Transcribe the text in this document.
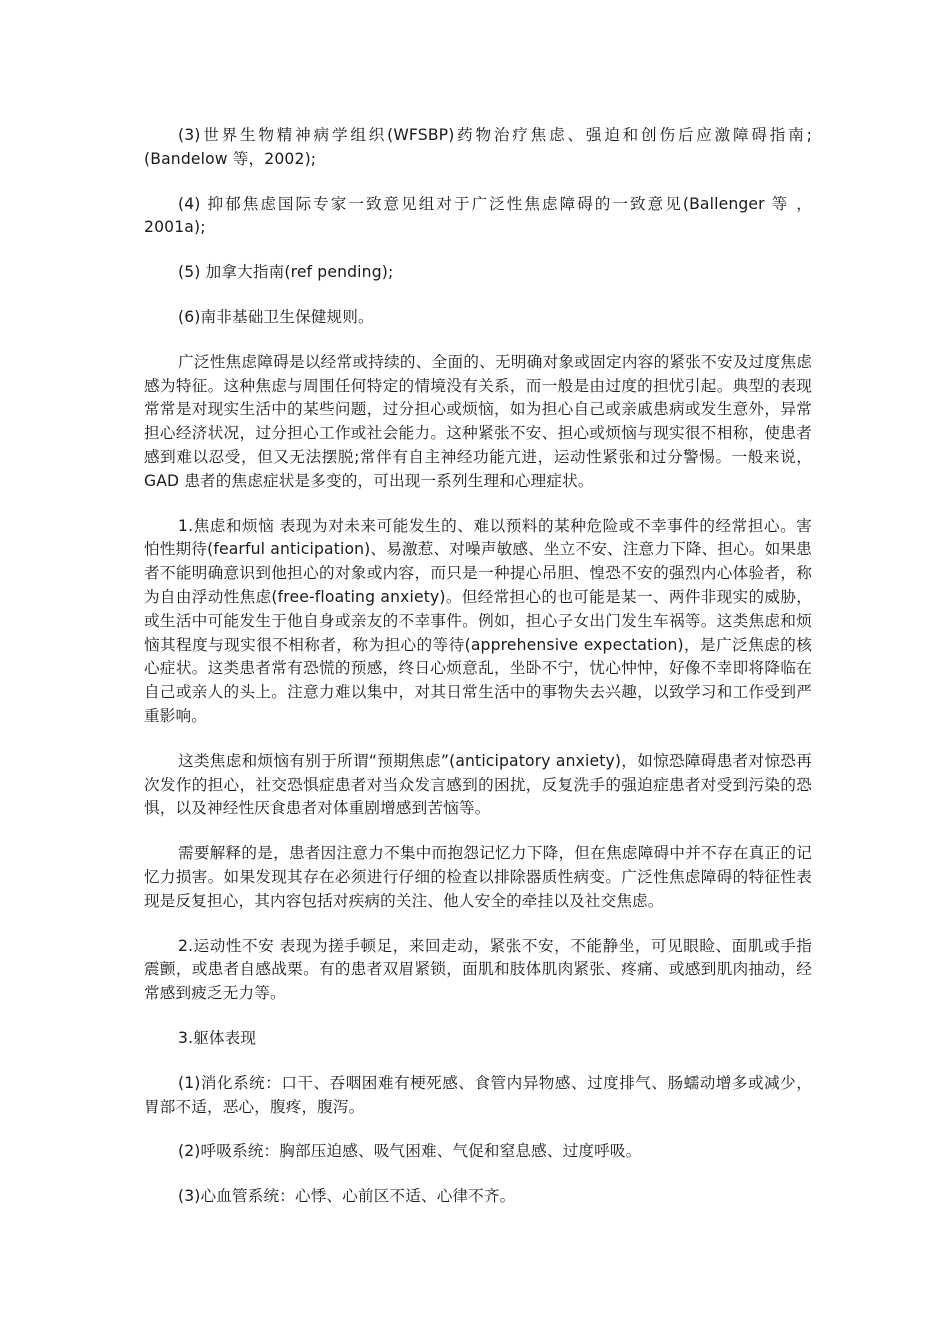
(3)世界生物精神病学组织(WFSBP)药物治疗焦虑、强迫和创伤后应激障碍指南;(Bandelow 等，2002);

(4) 抑郁焦虑国际专家一致意见组对于广泛性焦虑障碍的一致意见(Ballenger 等 ，2001a);

(5) 加拿大指南(ref pending);

(6)南非基础卫生保健规则。

广泛性焦虑障碍是以经常或持续的、全面的、无明确对象或固定内容的紧张不安及过度焦虑感为特征。这种焦虑与周围任何特定的情境没有关系，而一般是由过度的担忧引起。典型的表现常常是对现实生活中的某些问题，过分担心或烦恼，如为担心自己或亲戚患病或发生意外，异常担心经济状况，过分担心工作或社会能力。这种紧张不安、担心或烦恼与现实很不相称，使患者感到难以忍受，但又无法摆脱;常伴有自主神经功能亢进，运动性紧张和过分警惕。一般来说，GAD 患者的焦虑症状是多变的，可出现一系列生理和心理症状。

1.焦虑和烦恼 表现为对未来可能发生的、难以预料的某种危险或不幸事件的经常担心。害怕性期待(fearful anticipation)、易激惹、对噪声敏感、坐立不安、注意力下降、担心。如果患者不能明确意识到他担心的对象或内容，而只是一种提心吊胆、惶恐不安的强烈内心体验者，称为自由浮动性焦虑(free-floating anxiety)。但经常担心的也可能是某一、两件非现实的威胁，或生活中可能发生于他自身或亲友的不幸事件。例如，担心子女出门发生车祸等。这类焦虑和烦恼其程度与现实很不相称者，称为担心的等待(apprehensive expectation)，是广泛焦虑的核心症状。这类患者常有恐慌的预感，终日心烦意乱，坐卧不宁，忧心忡忡，好像不幸即将降临在自己或亲人的头上。注意力难以集中，对其日常生活中的事物失去兴趣，以致学习和工作受到严重影响。

这类焦虑和烦恼有别于所谓“预期焦虑”(anticipatory anxiety)，如惊恐障碍患者对惊恐再次发作的担心，社交恐惧症患者对当众发言感到的困扰，反复洗手的强迫症患者对受到污染的恐惧，以及神经性厌食患者对体重剧增感到苦恼等。

需要解释的是，患者因注意力不集中而抱怨记忆力下降，但在焦虑障碍中并不存在真正的记忆力损害。如果发现其存在必须进行仔细的检查以排除器质性病变。广泛性焦虑障碍的特征性表现是反复担心，其内容包括对疾病的关注、他人安全的牵挂以及社交焦虑。

2.运动性不安 表现为搓手顿足，来回走动，紧张不安，不能静坐，可见眼睑、面肌或手指震颤，或患者自感战栗。有的患者双眉紧锁，面肌和肢体肌肉紧张、疼痛、或感到肌肉抽动，经常感到疲乏无力等。

3.躯体表现

(1)消化系统：口干、吞咽困难有梗死感、食管内异物感、过度排气、肠蠕动增多或减少，胃部不适，恶心，腹疼，腹泻。

(2)呼吸系统：胸部压迫感、吸气困难、气促和窒息感、过度呼吸。

(3)心血管系统：心悸、心前区不适、心律不齐。
